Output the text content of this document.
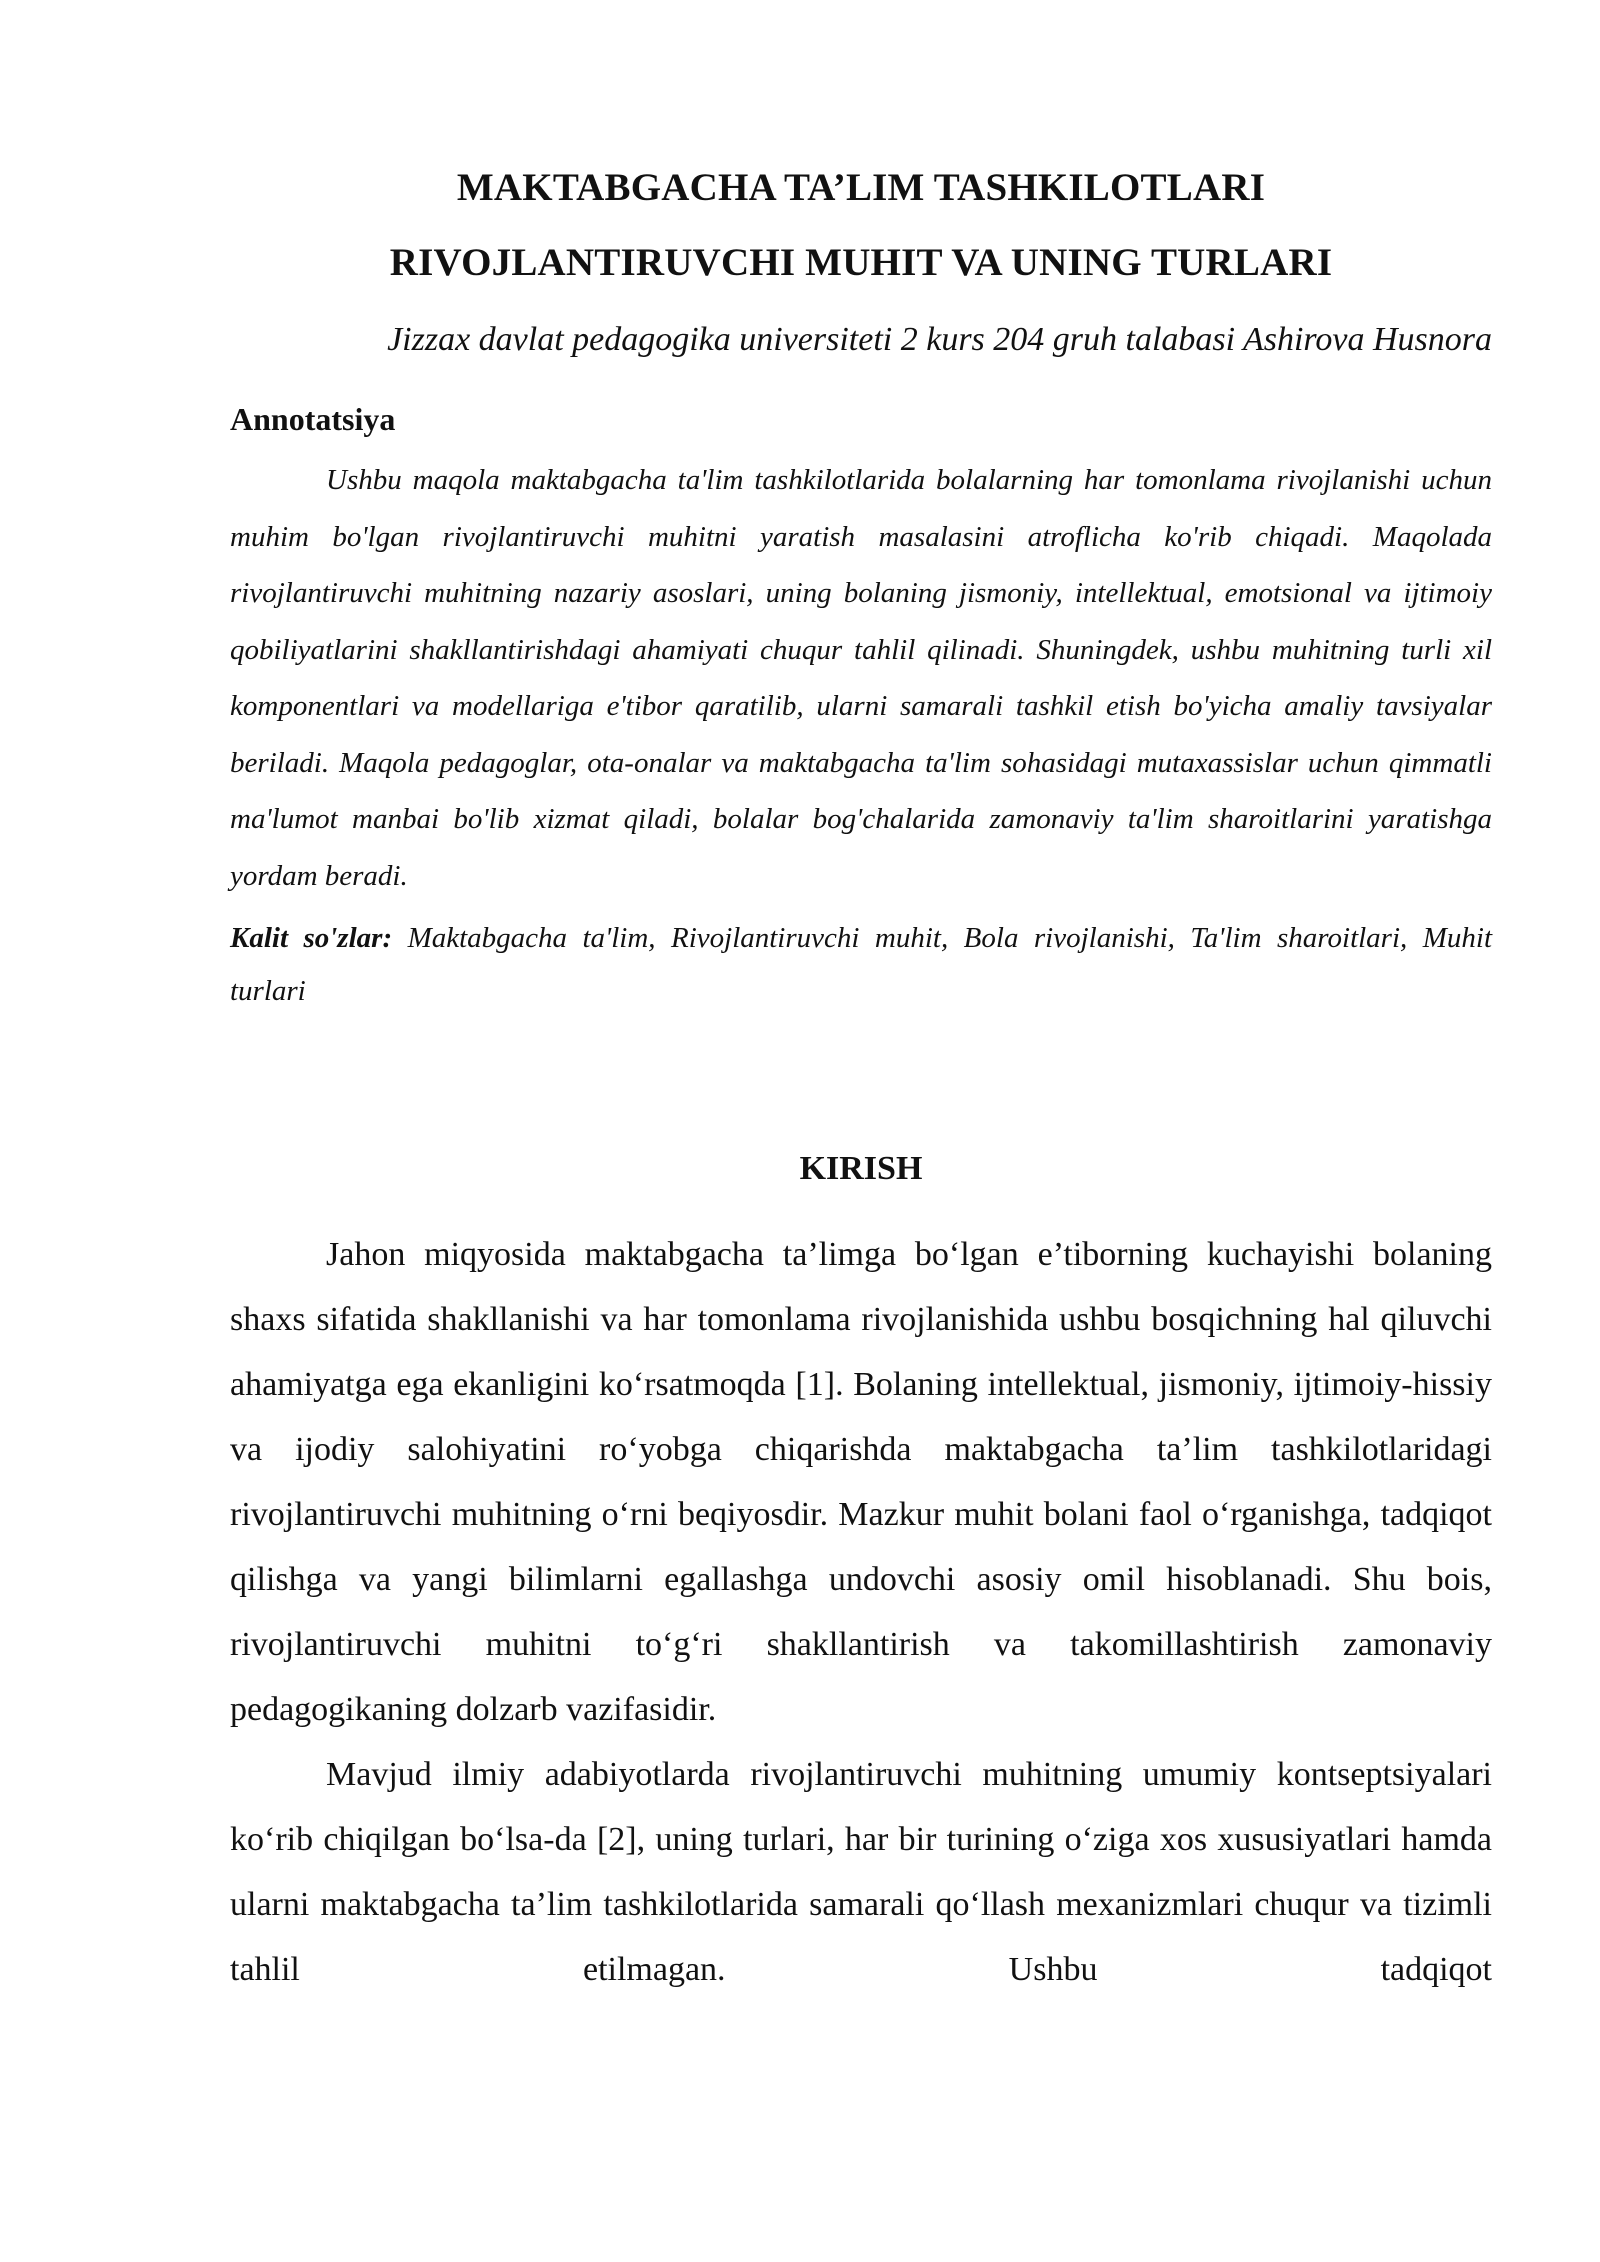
MAKTABGACHA TA’LIM TASHKILOTLARI
RIVOJLANTIRUVCHI MUHIT VA UNING TURLARI
Jizzax davlat pedagogika universiteti 2 kurs 204 gruh talabasi Ashirova Husnora
Annotatsiya

Ushbu maqola maktabgacha ta'lim tashkilotlarida bolalarning har tomonlama rivojlanishi uchun muhim bo'lgan rivojlantiruvchi muhitni yaratish masalasini atroflicha ko'rib chiqadi. Maqolada rivojlantiruvchi muhitning nazariy asoslari, uning bolaning jismoniy, intellektual, emotsional va ijtimoiy qobiliyatlarini shakllantirishdagi ahamiyati chuqur tahlil qilinadi. Shuningdek, ushbu muhitning turli xil komponentlari va modellariga e'tibor qaratilib, ularni samarali tashkil etish bo'yicha amaliy tavsiyalar beriladi. Maqola pedagoglar, ota-onalar va maktabgacha ta'lim sohasidagi mutaxassislar uchun qimmatli ma'lumot manbai bo'lib xizmat qiladi, bolalar bog'chalarida zamonaviy ta'lim sharoitlarini yaratishga yordam beradi.

Kalit so'zlar: Maktabgacha ta'lim, Rivojlantiruvchi muhit, Bola rivojlanishi, Ta'lim sharoitlari, Muhit turlari

KIRISH

Jahon miqyosida maktabgacha ta’limga bo‘lgan e’tiborning kuchayishi bolaning shaxs sifatida shakllanishi va har tomonlama rivojlanishida ushbu bosqichning hal qiluvchi ahamiyatga ega ekanligini ko‘rsatmoqda [1]. Bolaning intellektual, jismoniy, ijtimoiy-hissiy va ijodiy salohiyatini ro‘yobga chiqarishda maktabgacha ta’lim tashkilotlaridagi rivojlantiruvchi muhitning o‘rni beqiyosdir. Mazkur muhit bolani faol o‘rganishga, tadqiqot qilishga va yangi bilimlarni egallashga undovchi asosiy omil hisoblanadi. Shu bois, rivojlantiruvchi muhitni to‘g‘ri shakllantirish va takomillashtirish zamonaviy pedagogikaning dolzarb vazifasidir.

Mavjud ilmiy adabiyotlarda rivojlantiruvchi muhitning umumiy kontseptsiyalari ko‘rib chiqilgan bo‘lsa-da [2], uning turlari, har bir turining o‘ziga xos xususiyatlari hamda ularni maktabgacha ta’lim tashkilotlarida samarali qo‘llash mexanizmlari chuqur va tizimli tahlil etilmagan. Ushbu tadqiqot
